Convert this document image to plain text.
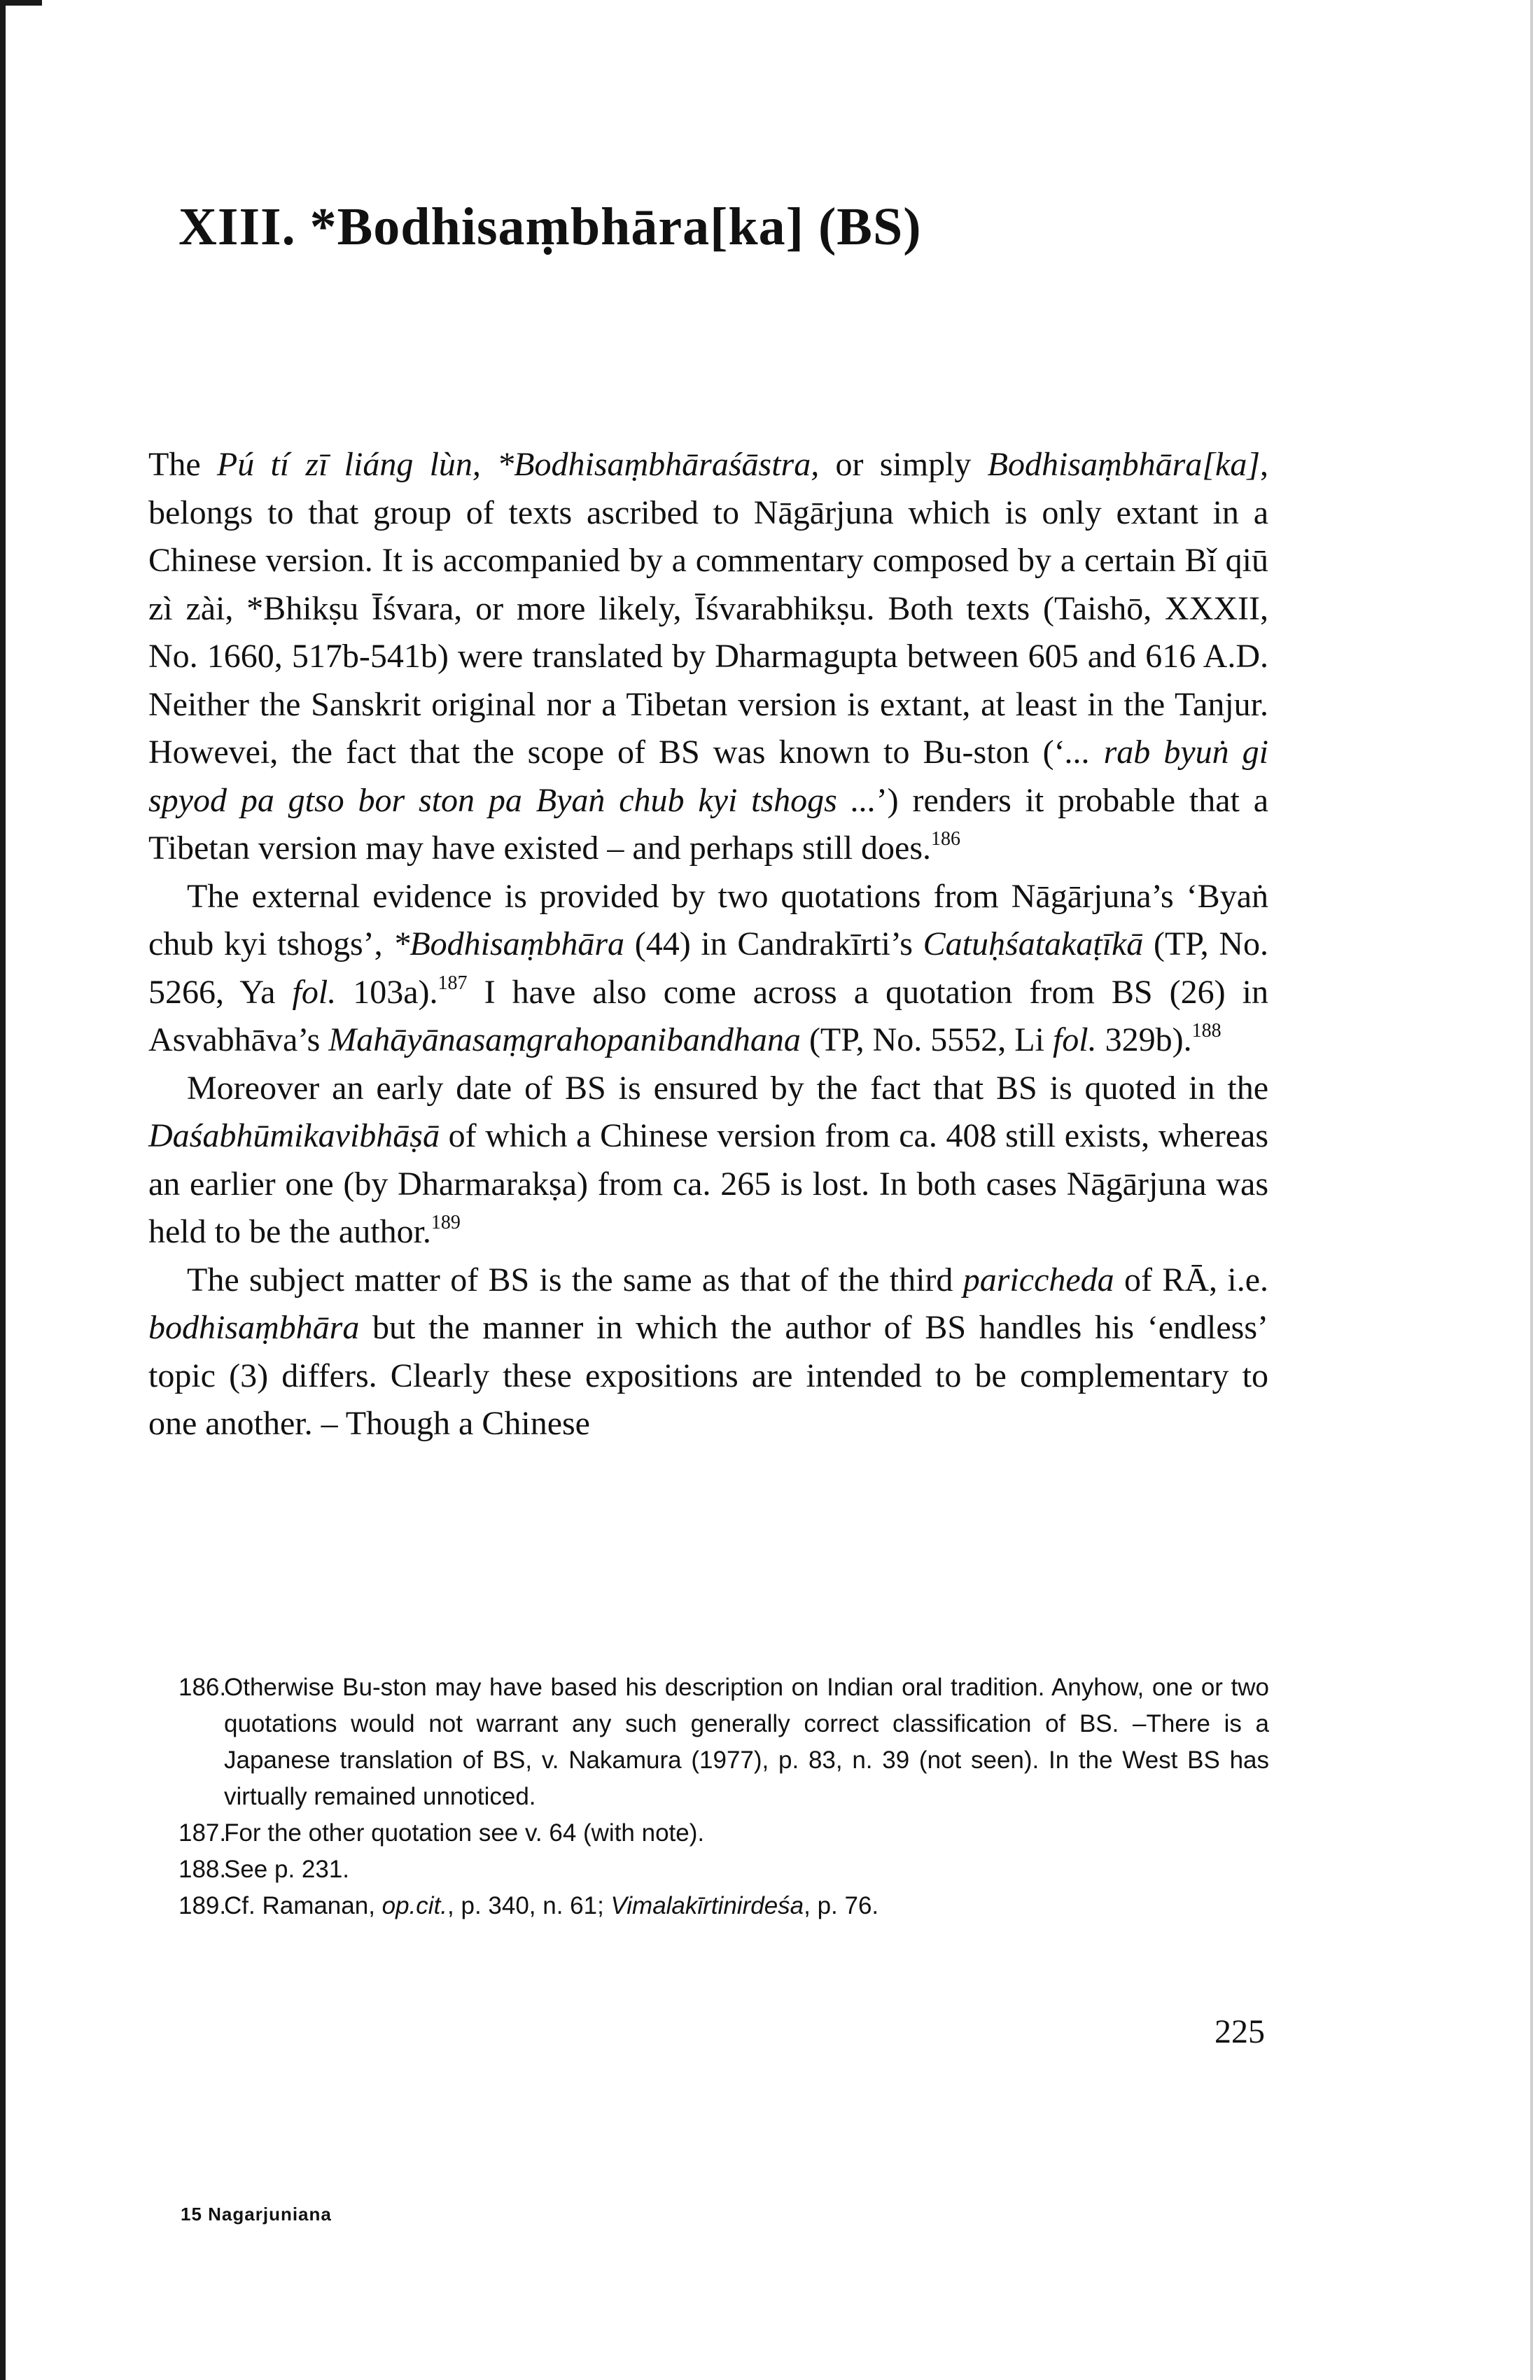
XIII. *Bodhisaṃbhāra[ka] (BS)

The Pú tí zī liáng lùn, *Bodhisaṃbhāraśāstra, or simply Bodhisaṃbhāra[ka], belongs to that group of texts ascribed to Nāgārjuna which is only extant in a Chinese version. It is accompanied by a commentary composed by a certain Bǐ qiū zì zài, *Bhikṣu Īśvara, or more likely, Īśvarabhikṣu. Both texts (Taishō, XXXII, No. 1660, 517b-541b) were translated by Dharmagupta between 605 and 616 A.D. Neither the Sanskrit original nor a Tibetan version is extant, at least in the Tanjur. Howevei, the fact that the scope of BS was known to Bu-ston (‘... rab byuṅ gi spyod pa gtso bor ston pa Byaṅ chub kyi tshogs ...’) renders it probable that a Tibetan version may have existed – and perhaps still does.$^{186}$

The external evidence is provided by two quotations from Nāgārjuna’s ‘Byaṅ chub kyi tshogs’, *Bodhisaṃbhāra (44) in Candrakīrti’s Catuḥśatakaṭīkā (TP, No. 5266, Ya fol. 103a).$^{187}$ I have also come across a quotation from BS (26) in Asvabhāva’s Mahāyānasaṃgrahopanibandhana (TP, No. 5552, Li fol. 329b).$^{188}$

Moreover an early date of BS is ensured by the fact that BS is quoted in the Daśabhūmikavibhāṣā of which a Chinese version from ca. 408 still exists, whereas an earlier one (by Dharmarakṣa) from ca. 265 is lost. In both cases Nāgārjuna was held to be the author.$^{189}$

The subject matter of BS is the same as that of the third pariccheda of RĀ, i.e. bodhisaṃbhāra but the manner in which the author of BS handles his ‘endless’ topic (3) differs. Clearly these expositions are intended to be complementary to one another. – Though a Chinese

186.
Otherwise Bu-ston may have based his description on Indian oral tradition. Anyhow, one or two quotations would not warrant any such generally correct classification of BS. –There is a Japanese translation of BS, v. Nakamura (1977), p. 83, n. 39 (not seen). In the West BS has virtually remained unnoticed.
187.
For the other quotation see v. 64 (with note).
188.
See p. 231.
189.
Cf. Ramanan, op.cit., p. 340, n. 61; Vimalakīrtinirdeśa, p. 76.
225
15 Nagarjuniana
